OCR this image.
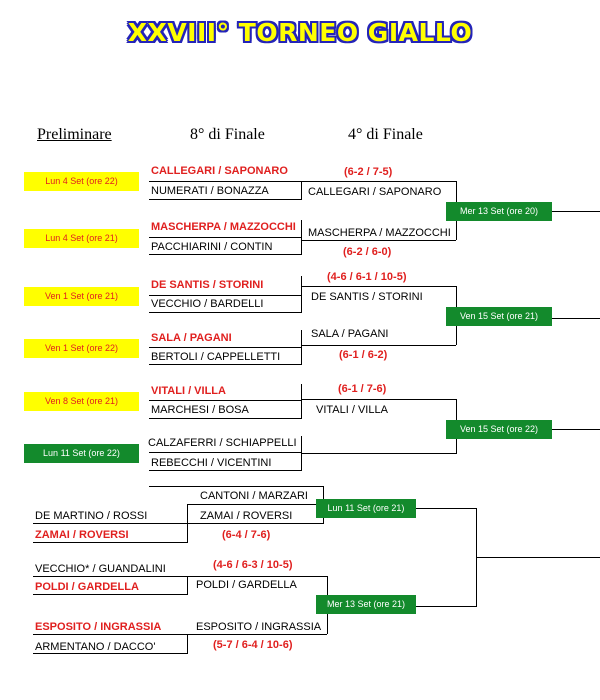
XXVIII° TORNEO GIALLO
Preliminare	8° di Finale	4° di Finale
Lun 4 Set (ore 22)
CALLEGARI / SAPONARO
NUMERATI / BONAZZA
Lun 4 Set (ore 21)
MASCHERPA / MAZZOCCHI
PACCHIARINI / CONTIN
(6-2 / 7-5)
CALLEGARI / SAPONARO
MASCHERPA / MAZZOCCHI
(6-2 / 6-0)
Mer 13 Set (ore 20)
Ven 1 Set (ore 21)
DE SANTIS / STORINI
VECCHIO / BARDELLI
Ven 1 Set (ore 22)
SALA / PAGANI
BERTOLI / CAPPELLETTI
(4-6 / 6-1 / 10-5)
DE SANTIS / STORINI
SALA / PAGANI
(6-1 / 6-2)
Ven 15 Set (ore 21)
Ven 8 Set (ore 21)
VITALI / VILLA
MARCHESI / BOSA
Lun 11 Set (ore 22)
CALZAFERRI / SCHIAPPELLI
REBECCHI / VICENTINI
(6-1 / 7-6)
VITALI / VILLA
Ven 15 Set (ore 22)
CANTONI / MARZARI
ZAMAI / ROVERSI
Lun 11 Set (ore 21)
DE MARTINO / ROSSI
ZAMAI / ROVERSI	(6-4 / 7-6)
(4-6 / 6-3 / 10-5)
VECCHIO* / GUANDALINI
POLDI / GARDELLA	POLDI / GARDELLA
Mer 13 Set (ore 21)
ESPOSITO / INGRASSIA
ESPOSITO / INGRASSIA
ARMENTANO / DACCO'	(5-7 / 6-4 / 10-6)
